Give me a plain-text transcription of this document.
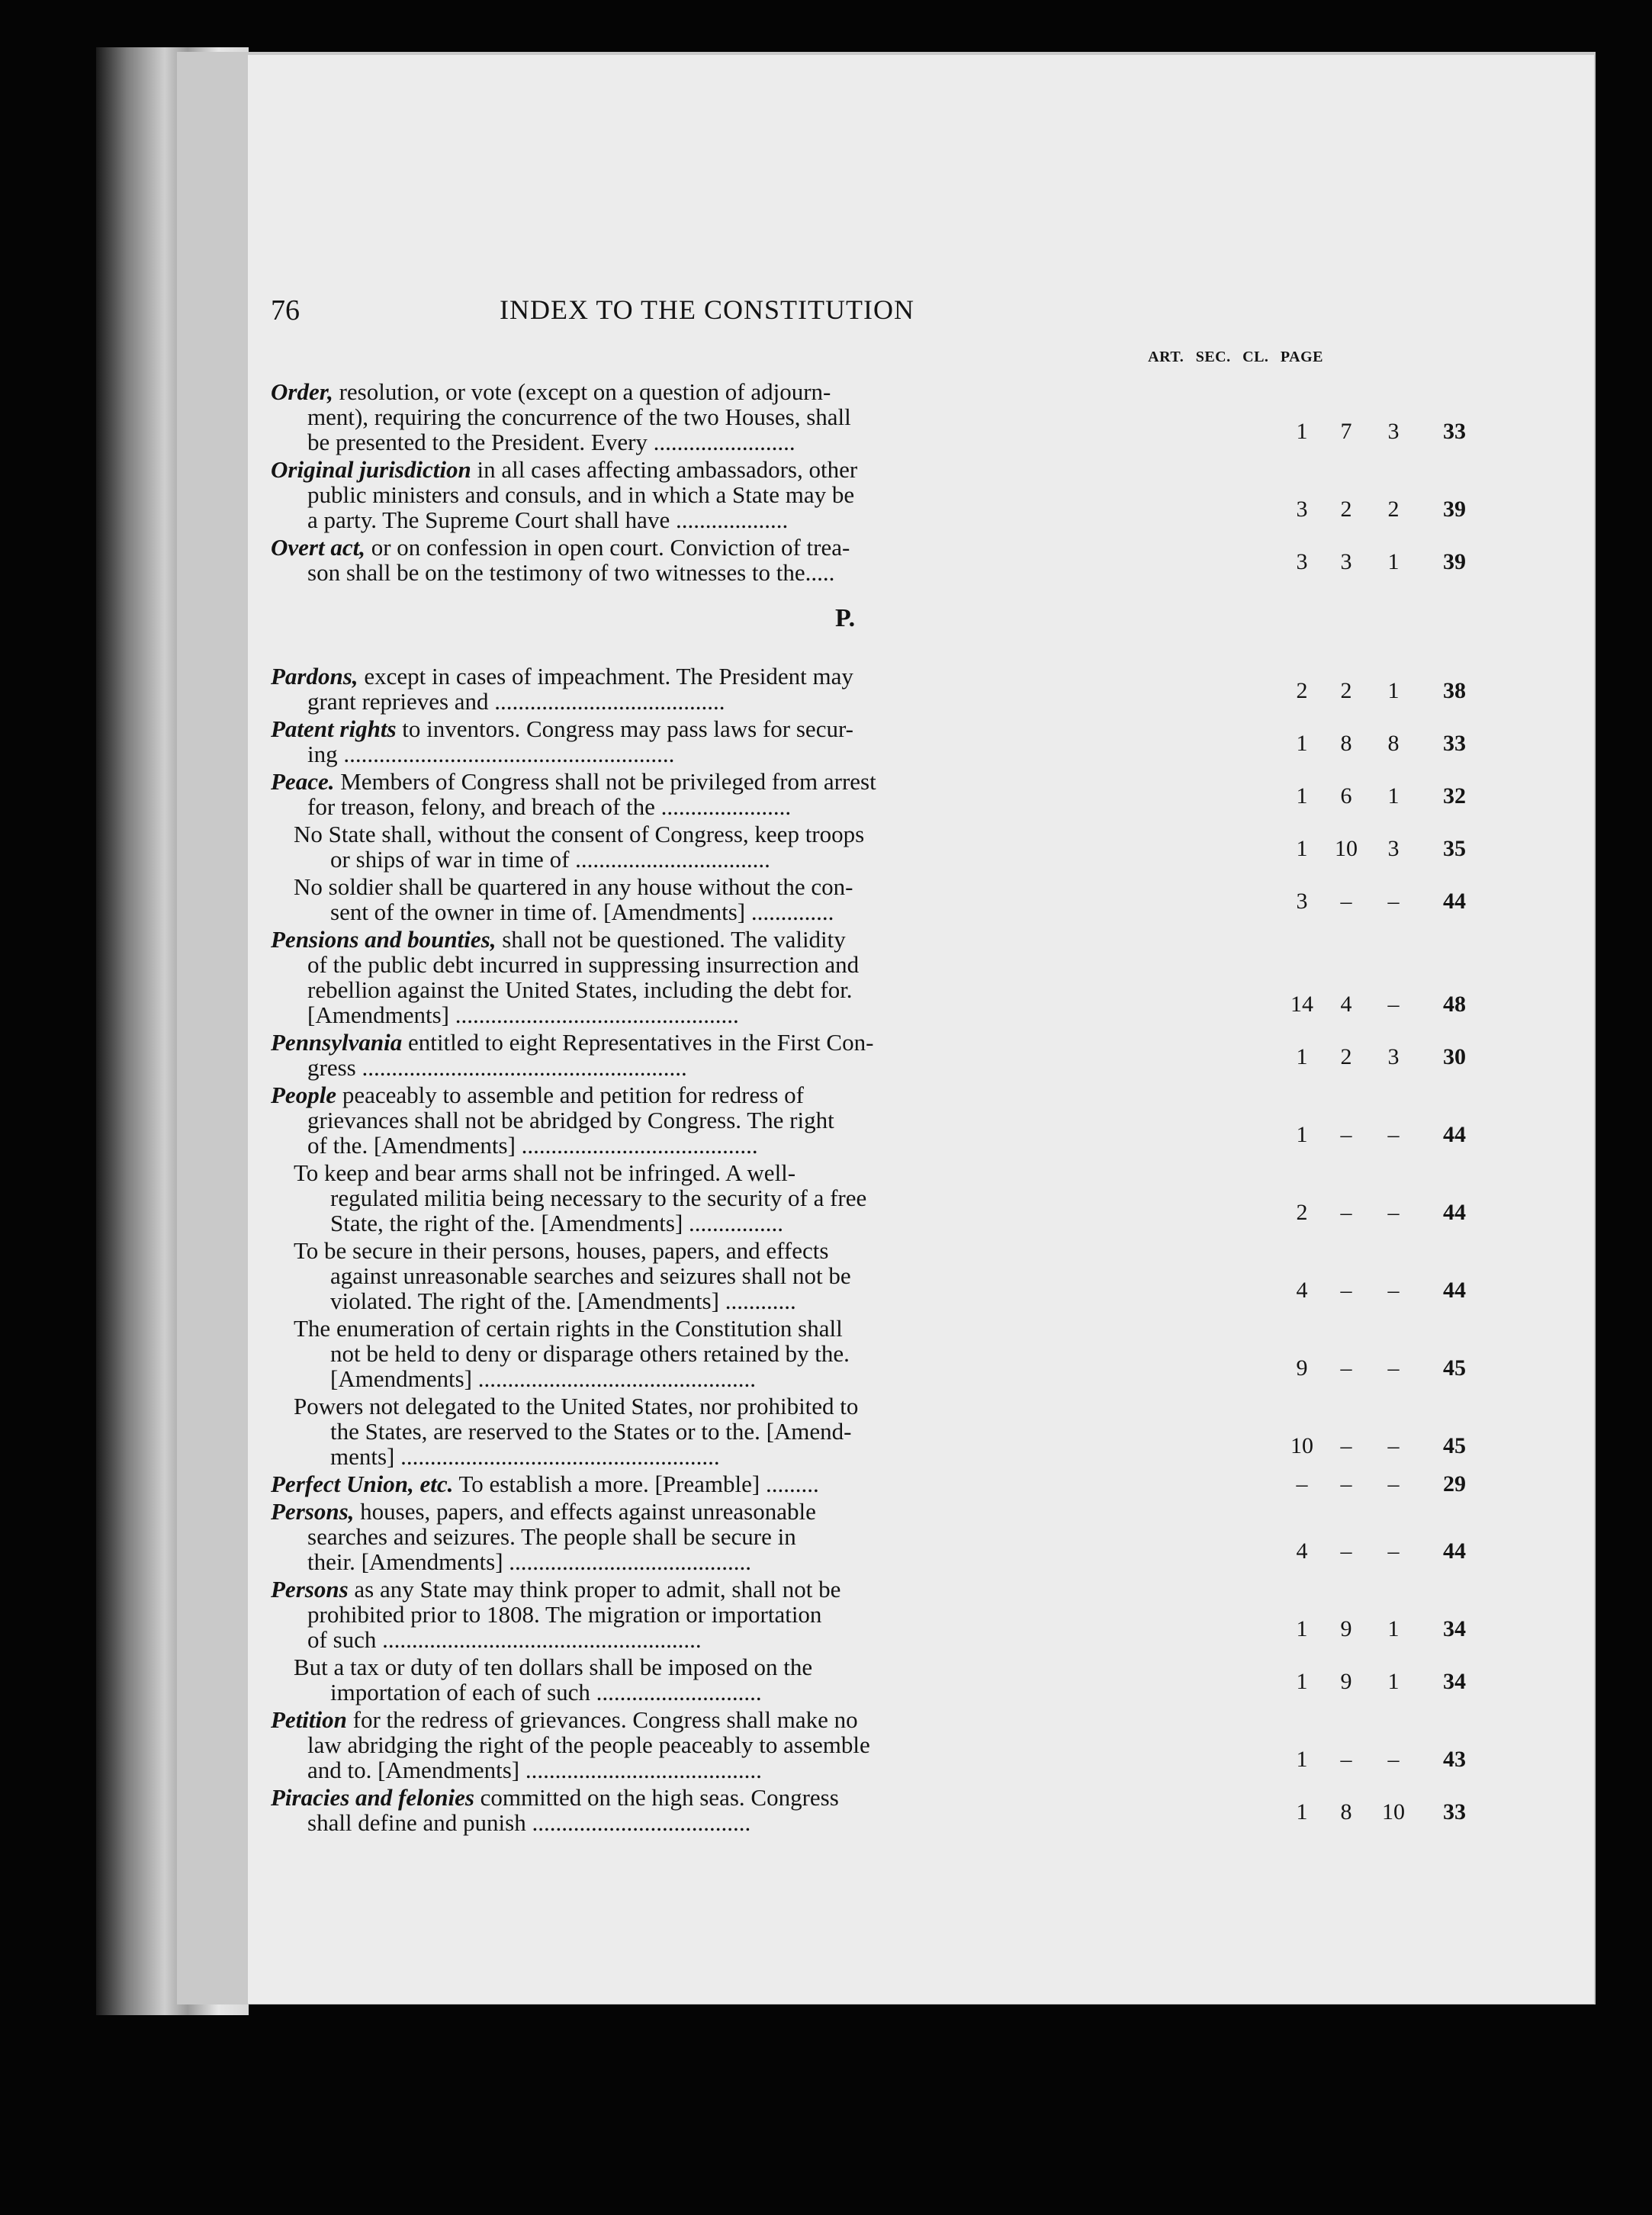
76	INDEX TO THE CONSTITUTION
ART. SEC. CL. PAGE
Order, resolution, or vote (except on a question of adjourn-
ment), requiring the concurrence of the two Houses, shall
be presented to the President. Every ........................	1	7	3	33
Original jurisdiction in all cases affecting ambassadors, other
public ministers and consuls, and in which a State may be
a party. The Supreme Court shall have ...................	3	2	2	39
Overt act, or on confession in open court. Conviction of trea-
son shall be on the testimony of two witnesses to the.....	3	3	1	39
P.
Pardons, except in cases of impeachment. The President may
grant reprieves and .......................................	2	2	1	38
Patent rights to inventors. Congress may pass laws for secur-
ing ........................................................	1	8	8	33
Peace. Members of Congress shall not be privileged from arrest
for treason, felony, and breach of the ......................	1	6	1	32
No State shall, without the consent of Congress, keep troops
or ships of war in time of .................................	1	10	3	35
No soldier shall be quartered in any house without the con-
sent of the owner in time of. [Amendments] ..............	3	–	–	44
Pensions and bounties, shall not be questioned. The validity
of the public debt incurred in suppressing insurrection and
rebellion against the United States, including the debt for.
[Amendments] ................................................	14	4	–	48
Pennsylvania entitled to eight Representatives in the First Con-
gress .......................................................	1	2	3	30
People peaceably to assemble and petition for redress of
grievances shall not be abridged by Congress. The right
of the. [Amendments] ........................................	1	–	–	44
To keep and bear arms shall not be infringed. A well-
regulated militia being necessary to the security of a free
State, the right of the. [Amendments] ................	2	–	–	44
To be secure in their persons, houses, papers, and effects
against unreasonable searches and seizures shall not be
violated. The right of the. [Amendments] ............	4	–	–	44
The enumeration of certain rights in the Constitution shall
not be held to deny or disparage others retained by the.
[Amendments] ...............................................	9	–	–	45
Powers not delegated to the United States, nor prohibited to
the States, are reserved to the States or to the. [Amend-
ments] ......................................................	10	–	–	45
Perfect Union, etc. To establish a more. [Preamble] .........	–	–	–	29
Persons, houses, papers, and effects against unreasonable
searches and seizures. The people shall be secure in
their. [Amendments] .........................................	4	–	–	44
Persons as any State may think proper to admit, shall not be
prohibited prior to 1808. The migration or importation
of such ......................................................	1	9	1	34
But a tax or duty of ten dollars shall be imposed on the
importation of each of such ............................	1	9	1	34
Petition for the redress of grievances. Congress shall make no
law abridging the right of the people peaceably to assemble
and to. [Amendments] ........................................	1	–	–	43
Piracies and felonies committed on the high seas. Congress
shall define and punish .....................................	1	8	10	33
